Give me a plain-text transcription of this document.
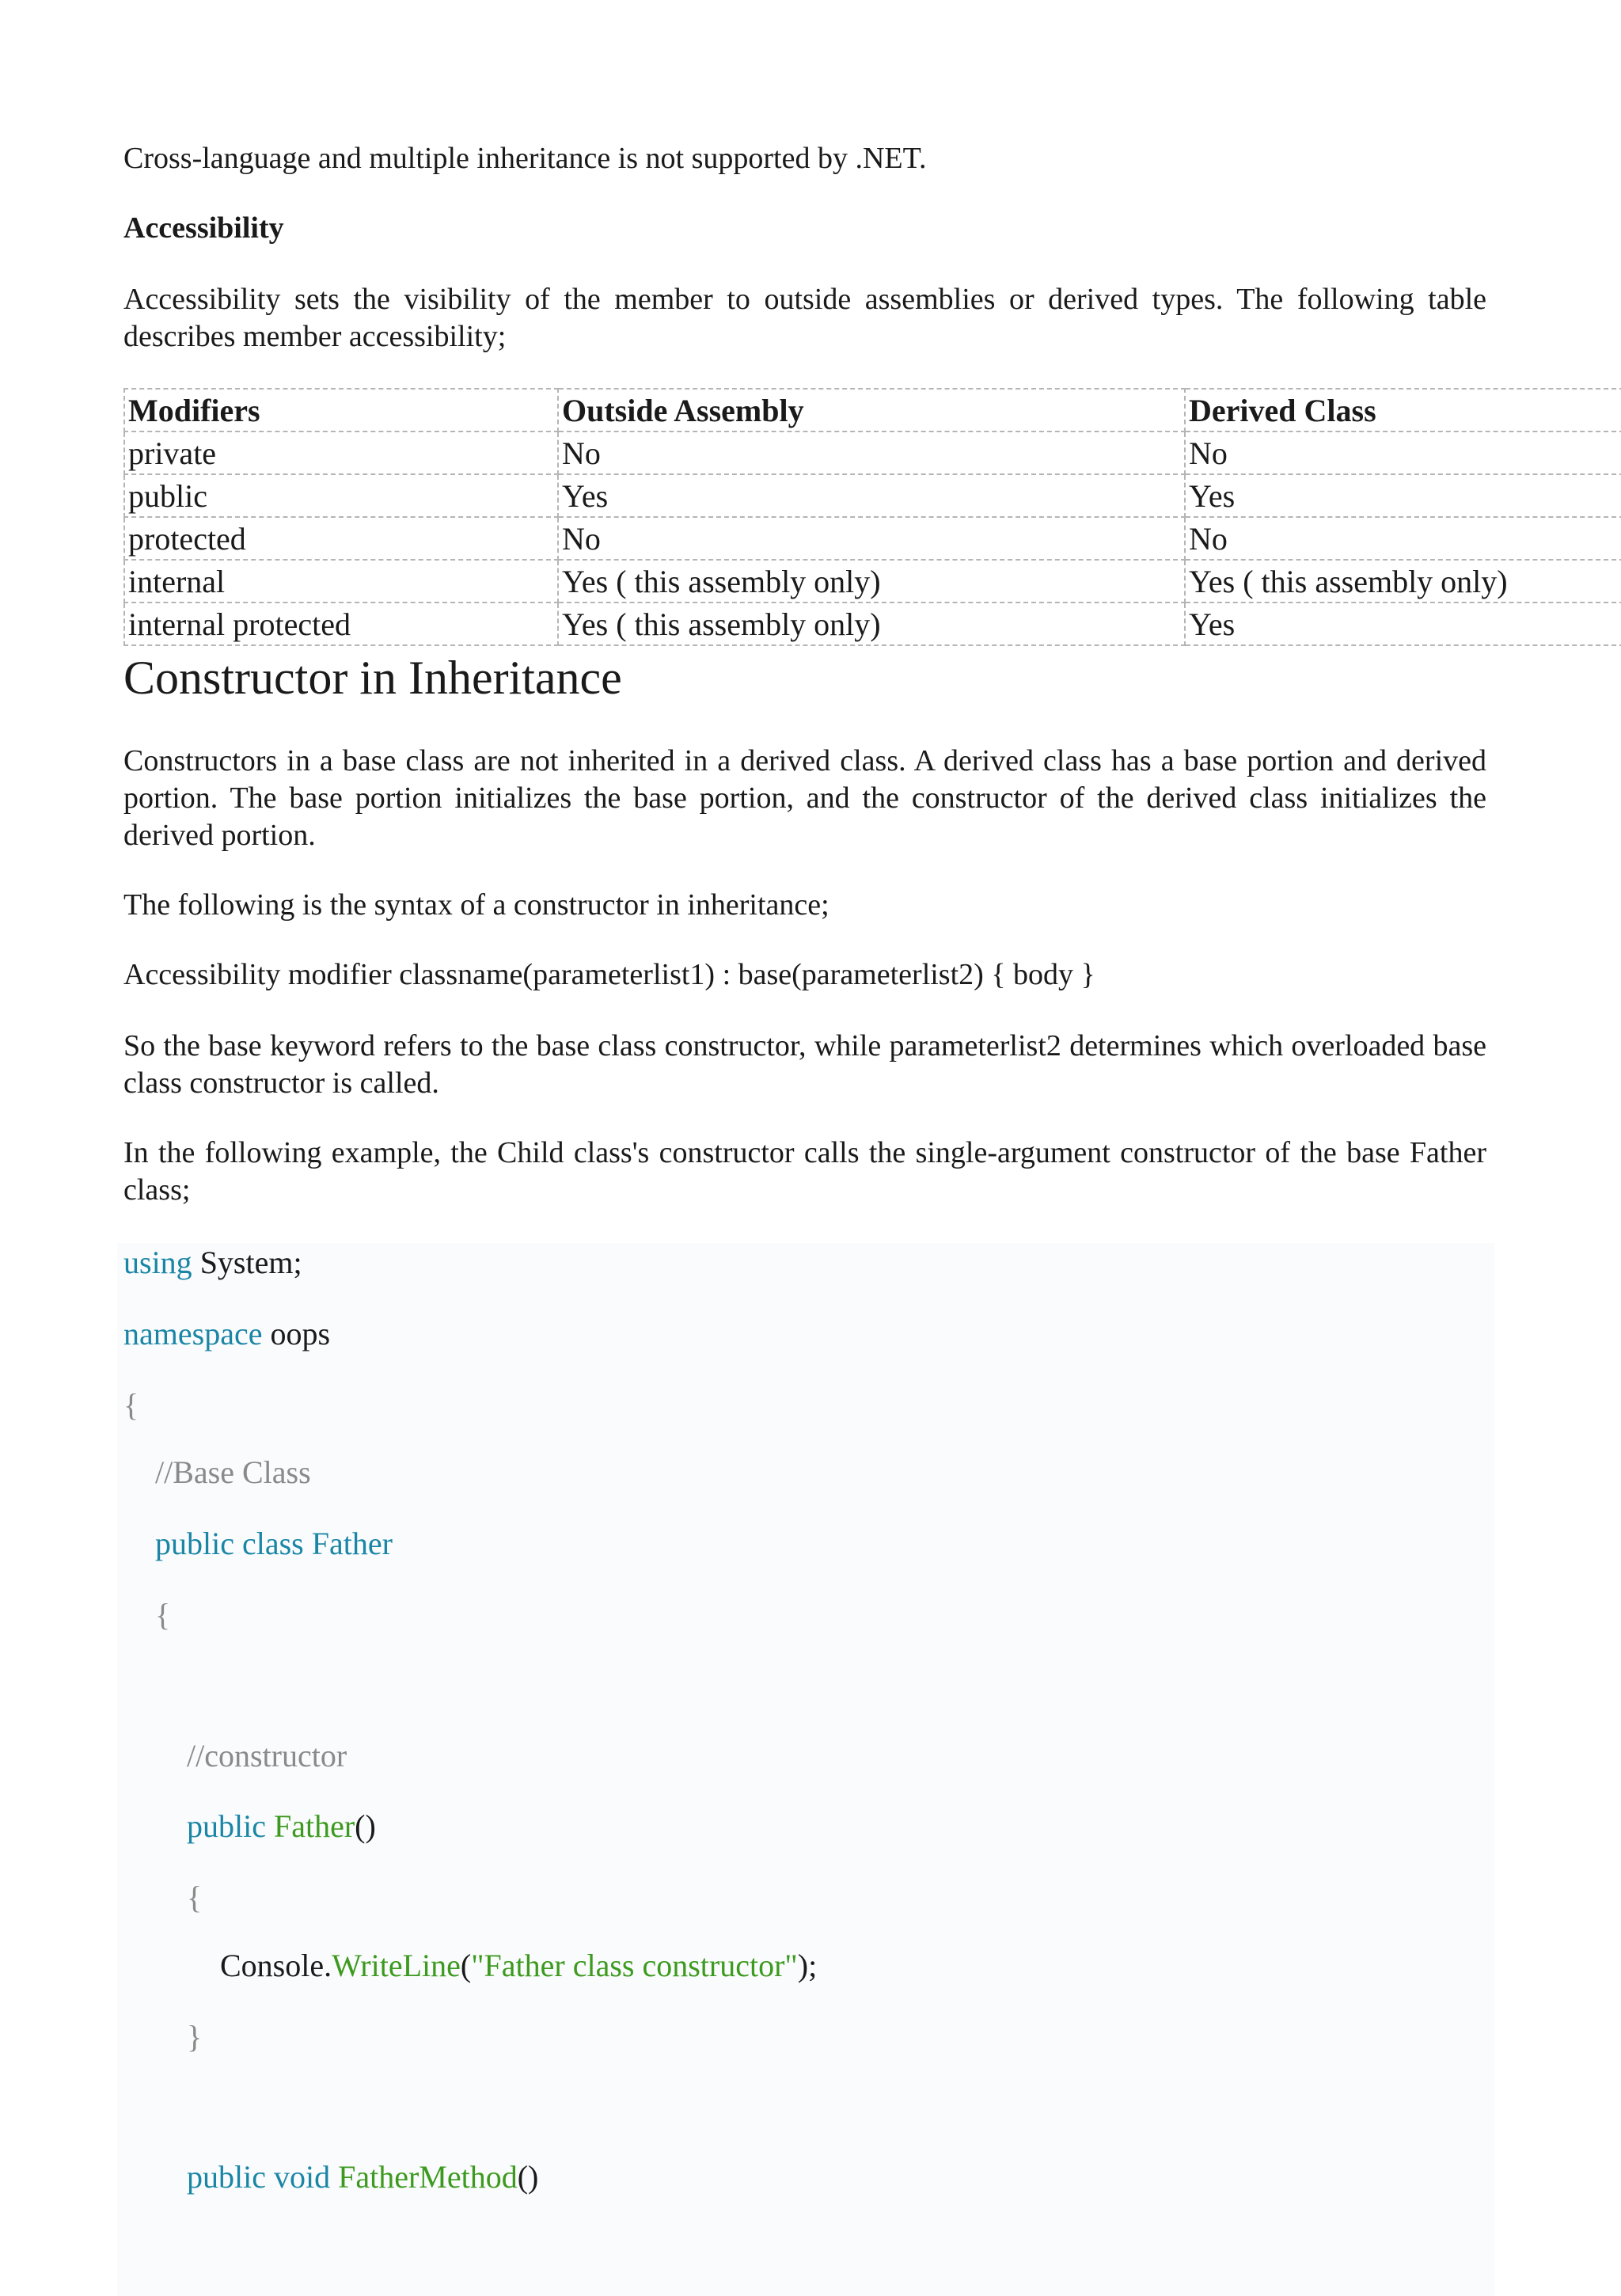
Cross-language and multiple inheritance is not supported by .NET.

Accessibility

Accessibility sets the visibility of the member to outside assemblies or derived types. The following table

describes member accessibility;

Modifiers	Outside Assembly	Derived Class
private	No	No
public	Yes	Yes
protected	No	No
internal	Yes ( this assembly only)	Yes ( this assembly only)
internal protected	Yes ( this assembly only)	Yes
Constructor in Inheritance

Constructors in a base class are not inherited in a derived class. A derived class has a base portion and derived portion. The base portion initializes the base portion, and the constructor of the derived class initializes the derived portion.

The following is the syntax of a constructor in inheritance;

Accessibility modifier classname(parameterlist1) : base(parameterlist2) { body }

So the base keyword refers to the base class constructor, while parameterlist2 determines which overloaded base class constructor is called.

In the following example, the Child class's constructor calls the single-argument constructor of the base Father class;

using System;
namespace oops
{
//Base Class
public class Father
{
//constructor
public Father()
{
Console.WriteLine("Father class constructor");
}
public void FatherMethod()
